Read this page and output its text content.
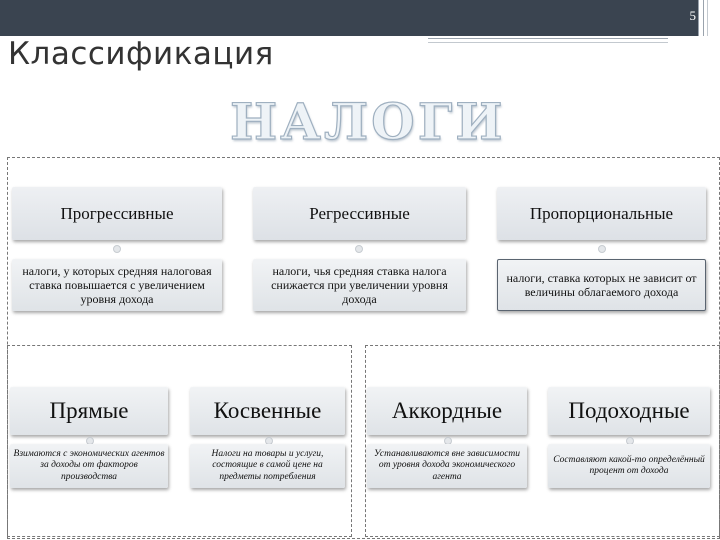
5
Классификация
НАЛОГИ
Прогрессивные
налоги, у которых средняя налоговая ставка повышается с увеличением уровня дохода
Регрессивные
налоги, чья средняя ставка налога снижается при увеличении уровня дохода
Пропорциональные
налоги, ставка которых не зависит от величины облагаемого дохода
Прямые
Взимаются с экономических агентов за доходы от факторов производства
Косвенные
Налоги на товары и услуги, состоящие в самой цене на предметы потребления
Аккордные
Устанавливаются вне зависимости от уровня дохода экономического агента
Подоходные
Составляют какой-то определённый процент от дохода
